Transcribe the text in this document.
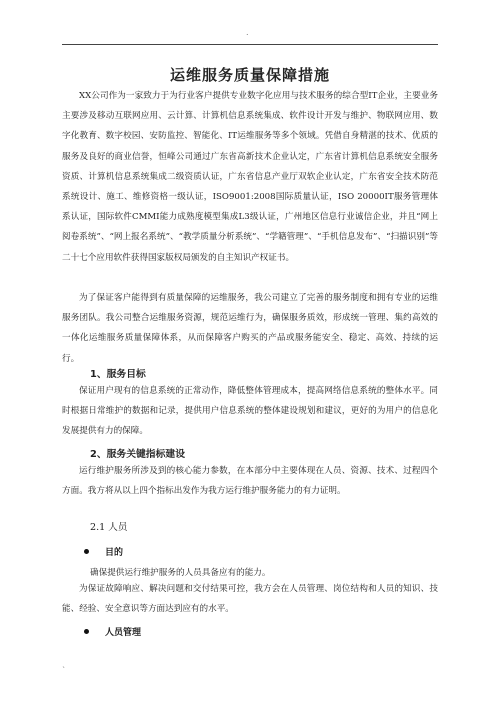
.
运维服务质量保障措施
XX公司作为一家致力于为行业客户提供专业数字化应用与技术服务的综合型IT企业，主要业务主要涉及移动互联网应用、云计算、计算机信息系统集成、软件设计开发与维护、物联网应用、数字化教育、数字校园、安防监控、智能化、IT运维服务等多个领域。凭借自身精湛的技术、优质的服务及良好的商业信誉，恒峰公司通过广东省高新技术企业认定，广东省计算机信息系统安全服务资质、计算机信息系统集成二级资质认证，广东省信息产业厅双软企业认定，广东省安全技术防范系统设计、施工、维修资格一级认证，ISO9001:2008国际质量认证，ISO 20000IT服务管理体系认证，国际软件CMMI能力成熟度模型集成L3级认证，广州地区信息行业诚信企业，并且“网上阅卷系统”、“网上报名系统”、“教学质量分析系统”、“学籍管理”、“手机信息发布”、“扫描识别”等二十七个应用软件获得国家版权局颁发的自主知识产权证书。
为了保证客户能得到有质量保障的运维服务，我公司建立了完善的服务制度和拥有专业的运维服务团队。我公司整合运维服务资源，规范运维行为，确保服务质效，形成统一管理、集约高效的一体化运维服务质量保障体系，从而保障客户购买的产品或服务能安全、稳定、高效、持续的运行。
1、服务目标
保证用户现有的信息系统的正常动作，降低整体管理成本，提高网络信息系统的整体水平。同时根据日常维护的数据和记录，提供用户信息系统的整体建设规划和建议，更好的为用户的信息化发展提供有力的保障。
2、服务关键指标建设
运行维护服务所涉及到的核心能力参数，在本部分中主要体现在人员、资源、技术、过程四个方面。我方将从以上四个指标出发作为我方运行维护服务能力的有力证明。
2.1 人员
目的
确保提供运行维护服务的人员具备应有的能力。
为保证故障响应、解决问题和交付结果可控，我方会在人员管理、岗位结构和人员的知识、技能、经验、安全意识等方面达到应有的水平。
人员管理
`
